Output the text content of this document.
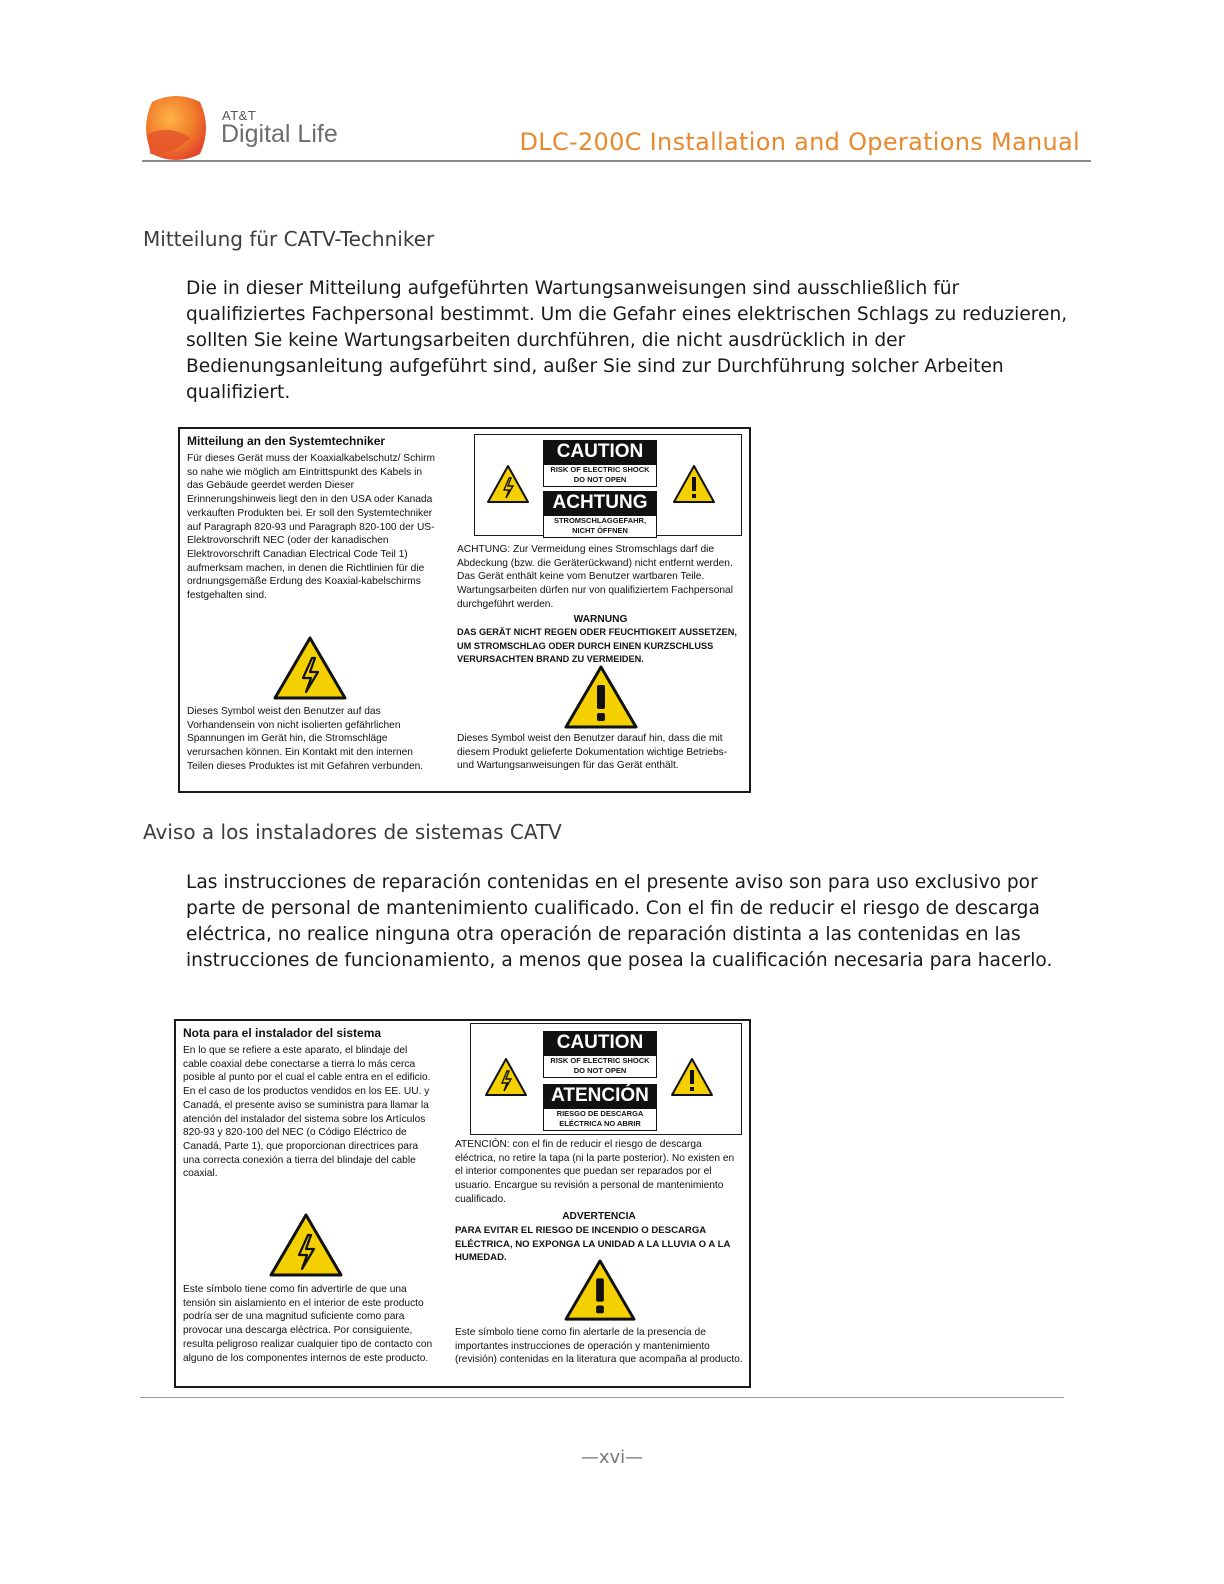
AT&T
Digital Life	DLC-200C Installation and Operations Manual
Mitteilung für CATV-Techniker
Die in dieser Mitteilung aufgeführten Wartungsanweisungen sind ausschließlich für qualifiziertes Fachpersonal bestimmt. Um die Gefahr eines elektrischen Schlags zu reduzieren, sollten Sie keine Wartungsarbeiten durchführen, die nicht ausdrücklich in der Bedienungsanleitung aufgeführt sind, außer Sie sind zur Durchführung solcher Arbeiten qualifiziert.
Mitteilung an den Systemtechniker
Für dieses Gerät muss der Koaxialkabelschutz/ Schirm so nahe wie möglich am Eintrittspunkt des Kabels in das Gebäude geerdet werden Dieser Erinnerungshinweis liegt den in den USA oder Kanada verkauften Produkten bei. Er soll den Systemtechniker auf Paragraph 820-93 und Paragraph 820-100 der US-Elektrovorschrift NEC (oder der kanadischen Elektrovorschrift Canadian Electrical Code Teil 1) aufmerksam machen, in denen die Richtlinien für die ordnungsgemäße Erdung des Koaxial-kabelschirms festgehalten sind.
Dieses Symbol weist den Benutzer auf das Vorhandensein von nicht isolierten gefährlichen Spannungen im Gerät hin, die Stromschläge verursachen können. Ein Kontakt mit den internen Teilen dieses Produktes ist mit Gefahren verbunden.
CAUTION
RISK OF ELECTRIC SHOCK DO NOT OPEN
ACHTUNG
STROMSCHLAGGEFAHR, NICHT ÖFFNEN
ACHTUNG: Zur Vermeidung eines Stromschlags darf die Abdeckung (bzw. die Geräterückwand) nicht entfernt werden. Das Gerät enthält keine vom Benutzer wartbaren Teile. Wartungsarbeiten dürfen nur von qualifiziertem Fachpersonal durchgeführt werden.
WARNUNG
DAS GERÄT NICHT REGEN ODER FEUCHTIGKEIT AUSSETZEN, UM STROMSCHLAG ODER DURCH EINEN KURZSCHLUSS VERURSACHTEN BRAND ZU VERMEIDEN.
Dieses Symbol weist den Benutzer darauf hin, dass die mit diesem Produkt gelieferte Dokumentation wichtige Betriebs- und Wartungsanweisungen für das Gerät enthält.
Aviso a los instaladores de sistemas CATV
Las instrucciones de reparación contenidas en el presente aviso son para uso exclusivo por parte de personal de mantenimiento cualificado. Con el fin de reducir el riesgo de descarga eléctrica, no realice ninguna otra operación de reparación distinta a las contenidas en las instrucciones de funcionamiento, a menos que posea la cualificación necesaria para hacerlo.
Nota para el instalador del sistema
En lo que se refiere a este aparato, el blindaje del cable coaxial debe conectarse a tierra lo más cerca posible al punto por el cual el cable entra en el edificio. En el caso de los productos vendidos en los EE. UU. y Canadá, el presente aviso se suministra para llamar la atención del instalador del sistema sobre los Artículos 820-93 y 820-100 del NEC (o Código Eléctrico de Canadá, Parte 1), que proporcionan directrices para una correcta conexión a tierra del blindaje del cable coaxial.
Este símbolo tiene como fin advertirle de que una tensión sin aislamiento en el interior de este producto podría ser de una magnitud suficiente como para provocar una descarga eléctrica. Por consiguiente, resulta peligroso realizar cualquier tipo de contacto con alguno de los componentes internos de este producto.
CAUTION
RISK OF ELECTRIC SHOCK DO NOT OPEN
ATENCIÓN
RIESGO DE DESCARGA ELÉCTRICA NO ABRIR
ATENCIÓN: con el fin de reducir el riesgo de descarga eléctrica, no retire la tapa (ni la parte posterior). No existen en el interior componentes que puedan ser reparados por el usuario. Encargue su revisión a personal de mantenimiento cualificado.
ADVERTENCIA
PARA EVITAR EL RIESGO DE INCENDIO O DESCARGA ELÉCTRICA, NO EXPONGA LA UNIDAD A LA LLUVIA O A LA HUMEDAD.
Este símbolo tiene como fin alertarle de la presencia de importantes instrucciones de operación y mantenimiento (revisión) contenidas en la literatura que acompaña al producto.
—xvi—
